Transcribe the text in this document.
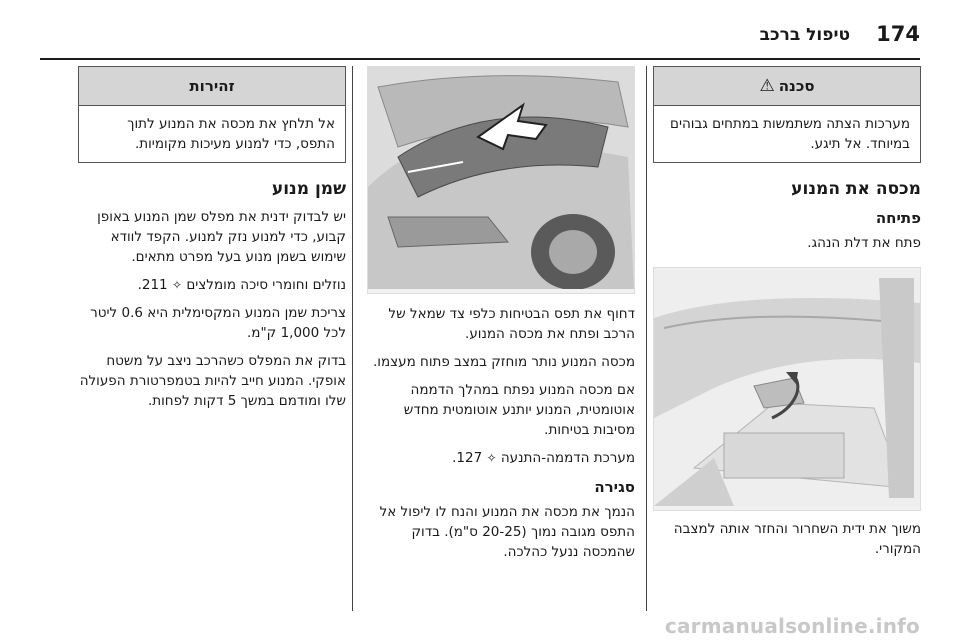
174
טיפול ברכב
סכנה
⚠
מערכות הצתה משתמשות במתחים גבוהים במיוחד. אל תיגע.
מכסה את המנוע
פתיחה

פתח את דלת הנהג.

משוך את ידית השחרור והחזר אותה למצבה המקורי.

דחוף את תפס הבטיחות כלפי צד שמאל של הרכב ופתח את מכסה המנוע.

מכסה המנוע נותר מוחזק במצב פתוח מעצמו.

אם מכסה המנוע נפתח במהלך הדממה אוטומטית, המנוע יותנע אוטומטית מחדש מסיבות בטיחות.

מערכת הדממה-התנעה ✧ 127.

סגירה

הנמך את מכסה את המנוע והנח לו ליפול אל התפס מגובה נמוך (20-25 ס"מ). בדוק שהמכסה ננעל כהלכה.

זהירות
אל תלחץ את מכסה את המנוע לתוך התפס, כדי למנוע מעיכות מקומיות.
שמן מנוע

יש לבדוק ידנית את מפלס שמן המנוע באופן קבוע, כדי למנוע נזק למנוע. הקפד לוודא שימוש בשמן מנוע בעל מפרט מתאים.

נוזלים וחומרי סיכה מומלצים ✧ 211.

צריכת שמן המנוע המקסימלית היא 0.6 ליטר לכל 1,000 ק"מ.

בדוק את המפלס כשהרכב ניצב על משטח אופקי. המנוע חייב להיות בטמפרטורת הפעולה שלו ומודמם במשך 5 דקות לפחות.

carmanualsonline.info
